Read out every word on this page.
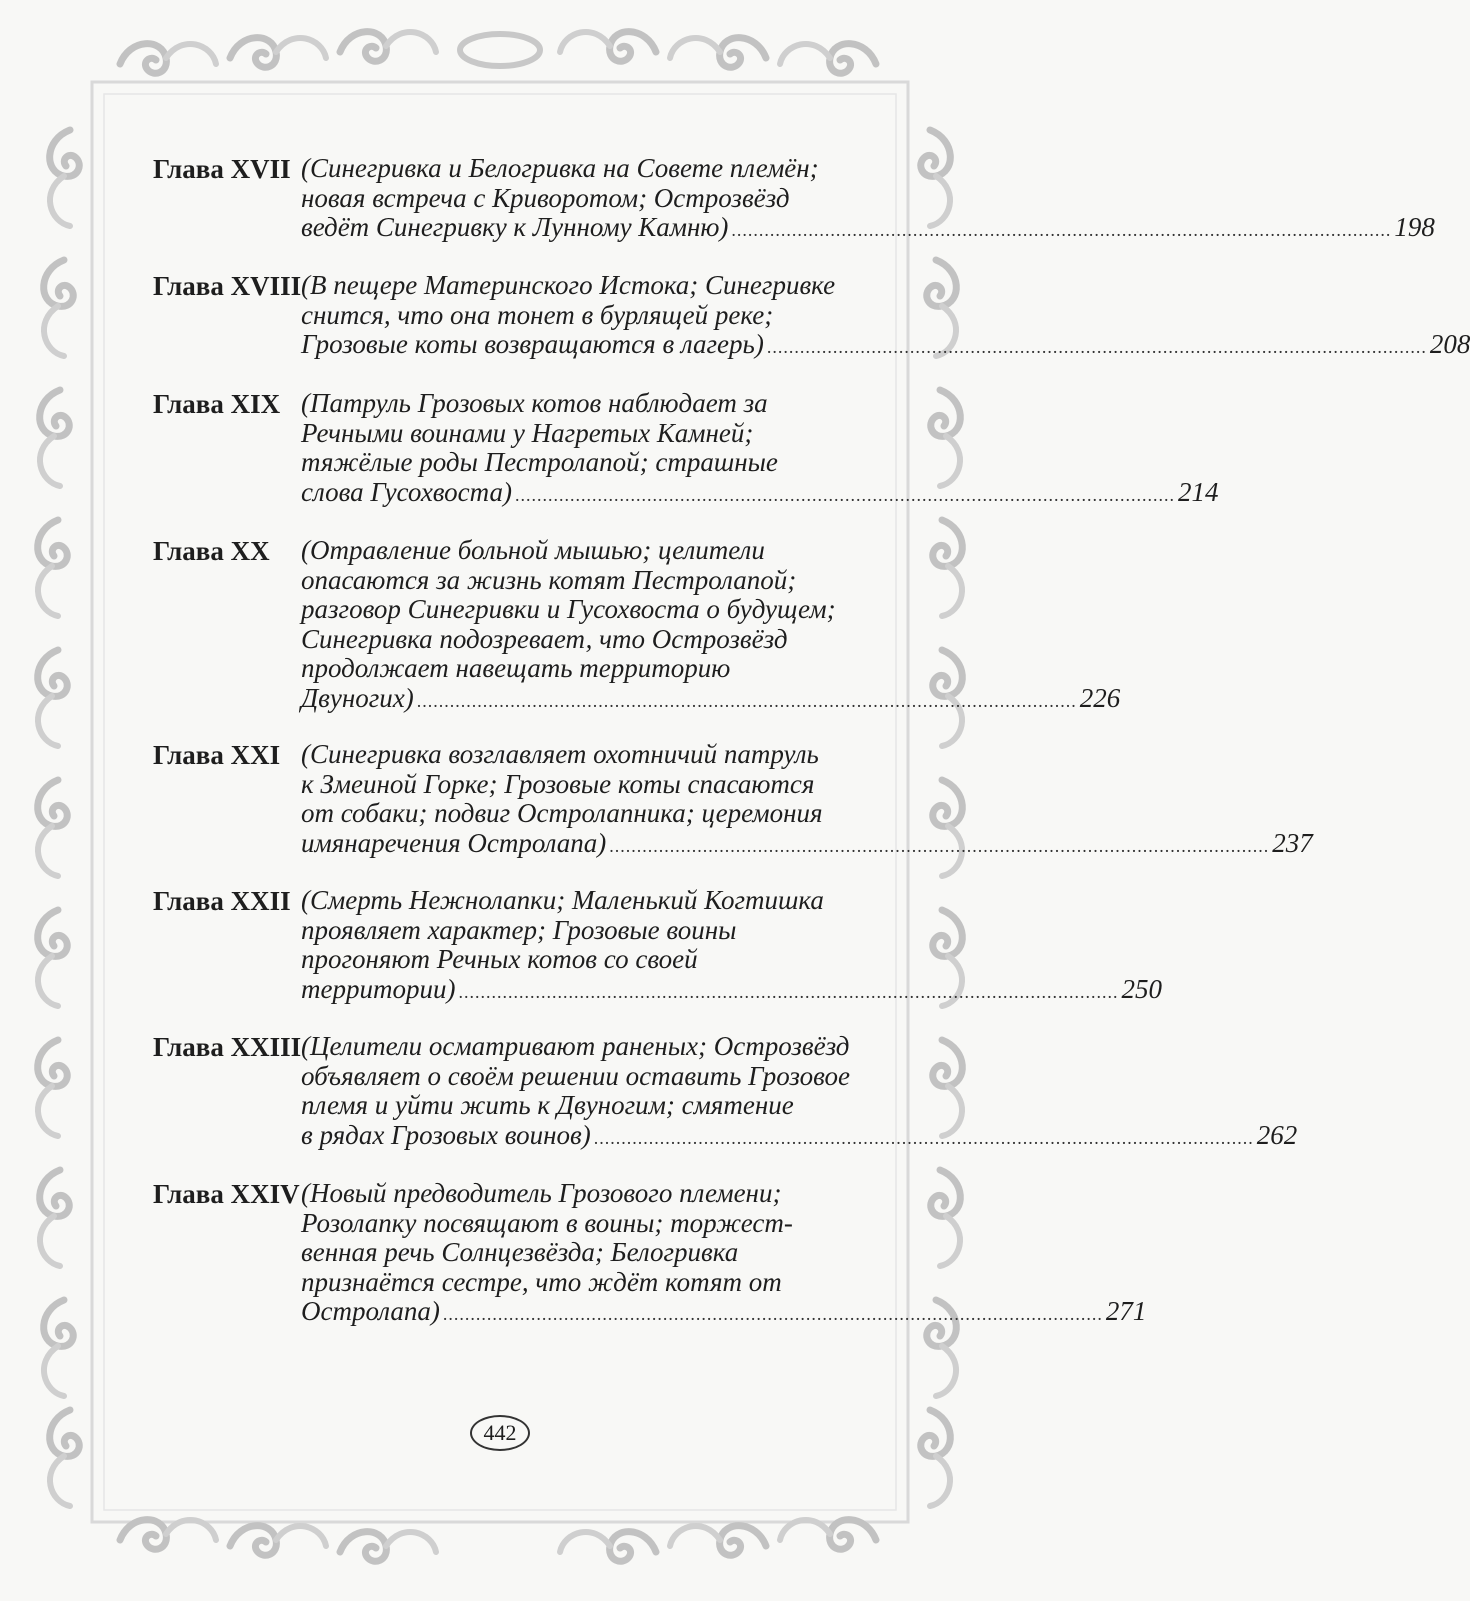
Глава XVII (Синегривка и Белогривка на Совете племён;
новая встреча с Криворотом; Острозвёзд
ведёт Синегривку к Лунному Камню) ........................................................................................................................ 198
Глава XVIII (В пещере Материнского Истока; Синегривке
снится, что она тонет в бурлящей реке;
Грозовые коты возвращаются в лагерь) ........................................................................................................................ 208
Глава XIX (Патруль Грозовых котов наблюдает за
Речными воинами у Нагретых Камней;
тяжёлые роды Пестролапой; страшные
слова Гусохвоста) ........................................................................................................................ 214
Глава XX	(Отравление больной мышью; целители
опасаются за жизнь котят Пестролапой;
разговор Синегривки и Гусохвоста о будущем;
Синегривка подозревает, что Острозвёзд
продолжает навещать территорию
Двуногих) ........................................................................................................................ 226
Глава XXI (Синегривка возглавляет охотничий патруль
к Змеиной Горке; Грозовые коты спасаются
от собаки; подвиг Остролапника; церемония
имянаречения Остролапа) ........................................................................................................................ 237
Глава XXII (Смерть Нежнолапки; Маленький Когтишка
проявляет характер; Грозовые воины
прогоняют Речных котов со своей
территории) ........................................................................................................................ 250
Глава XXIII (Целители осматривают раненых; Острозвёзд
объявляет о своём решении оставить Грозовое
племя и уйти жить к Двуногим; смятение
в рядах Грозовых воинов) ........................................................................................................................ 262
Глава XXIV (Новый предводитель Грозового племени;
Розолапку посвящают в воины; торжест-
венная речь Солнцезвёзда; Белогривка
признаётся сестре, что ждёт котят от
Остролапа) ........................................................................................................................ 271
442
